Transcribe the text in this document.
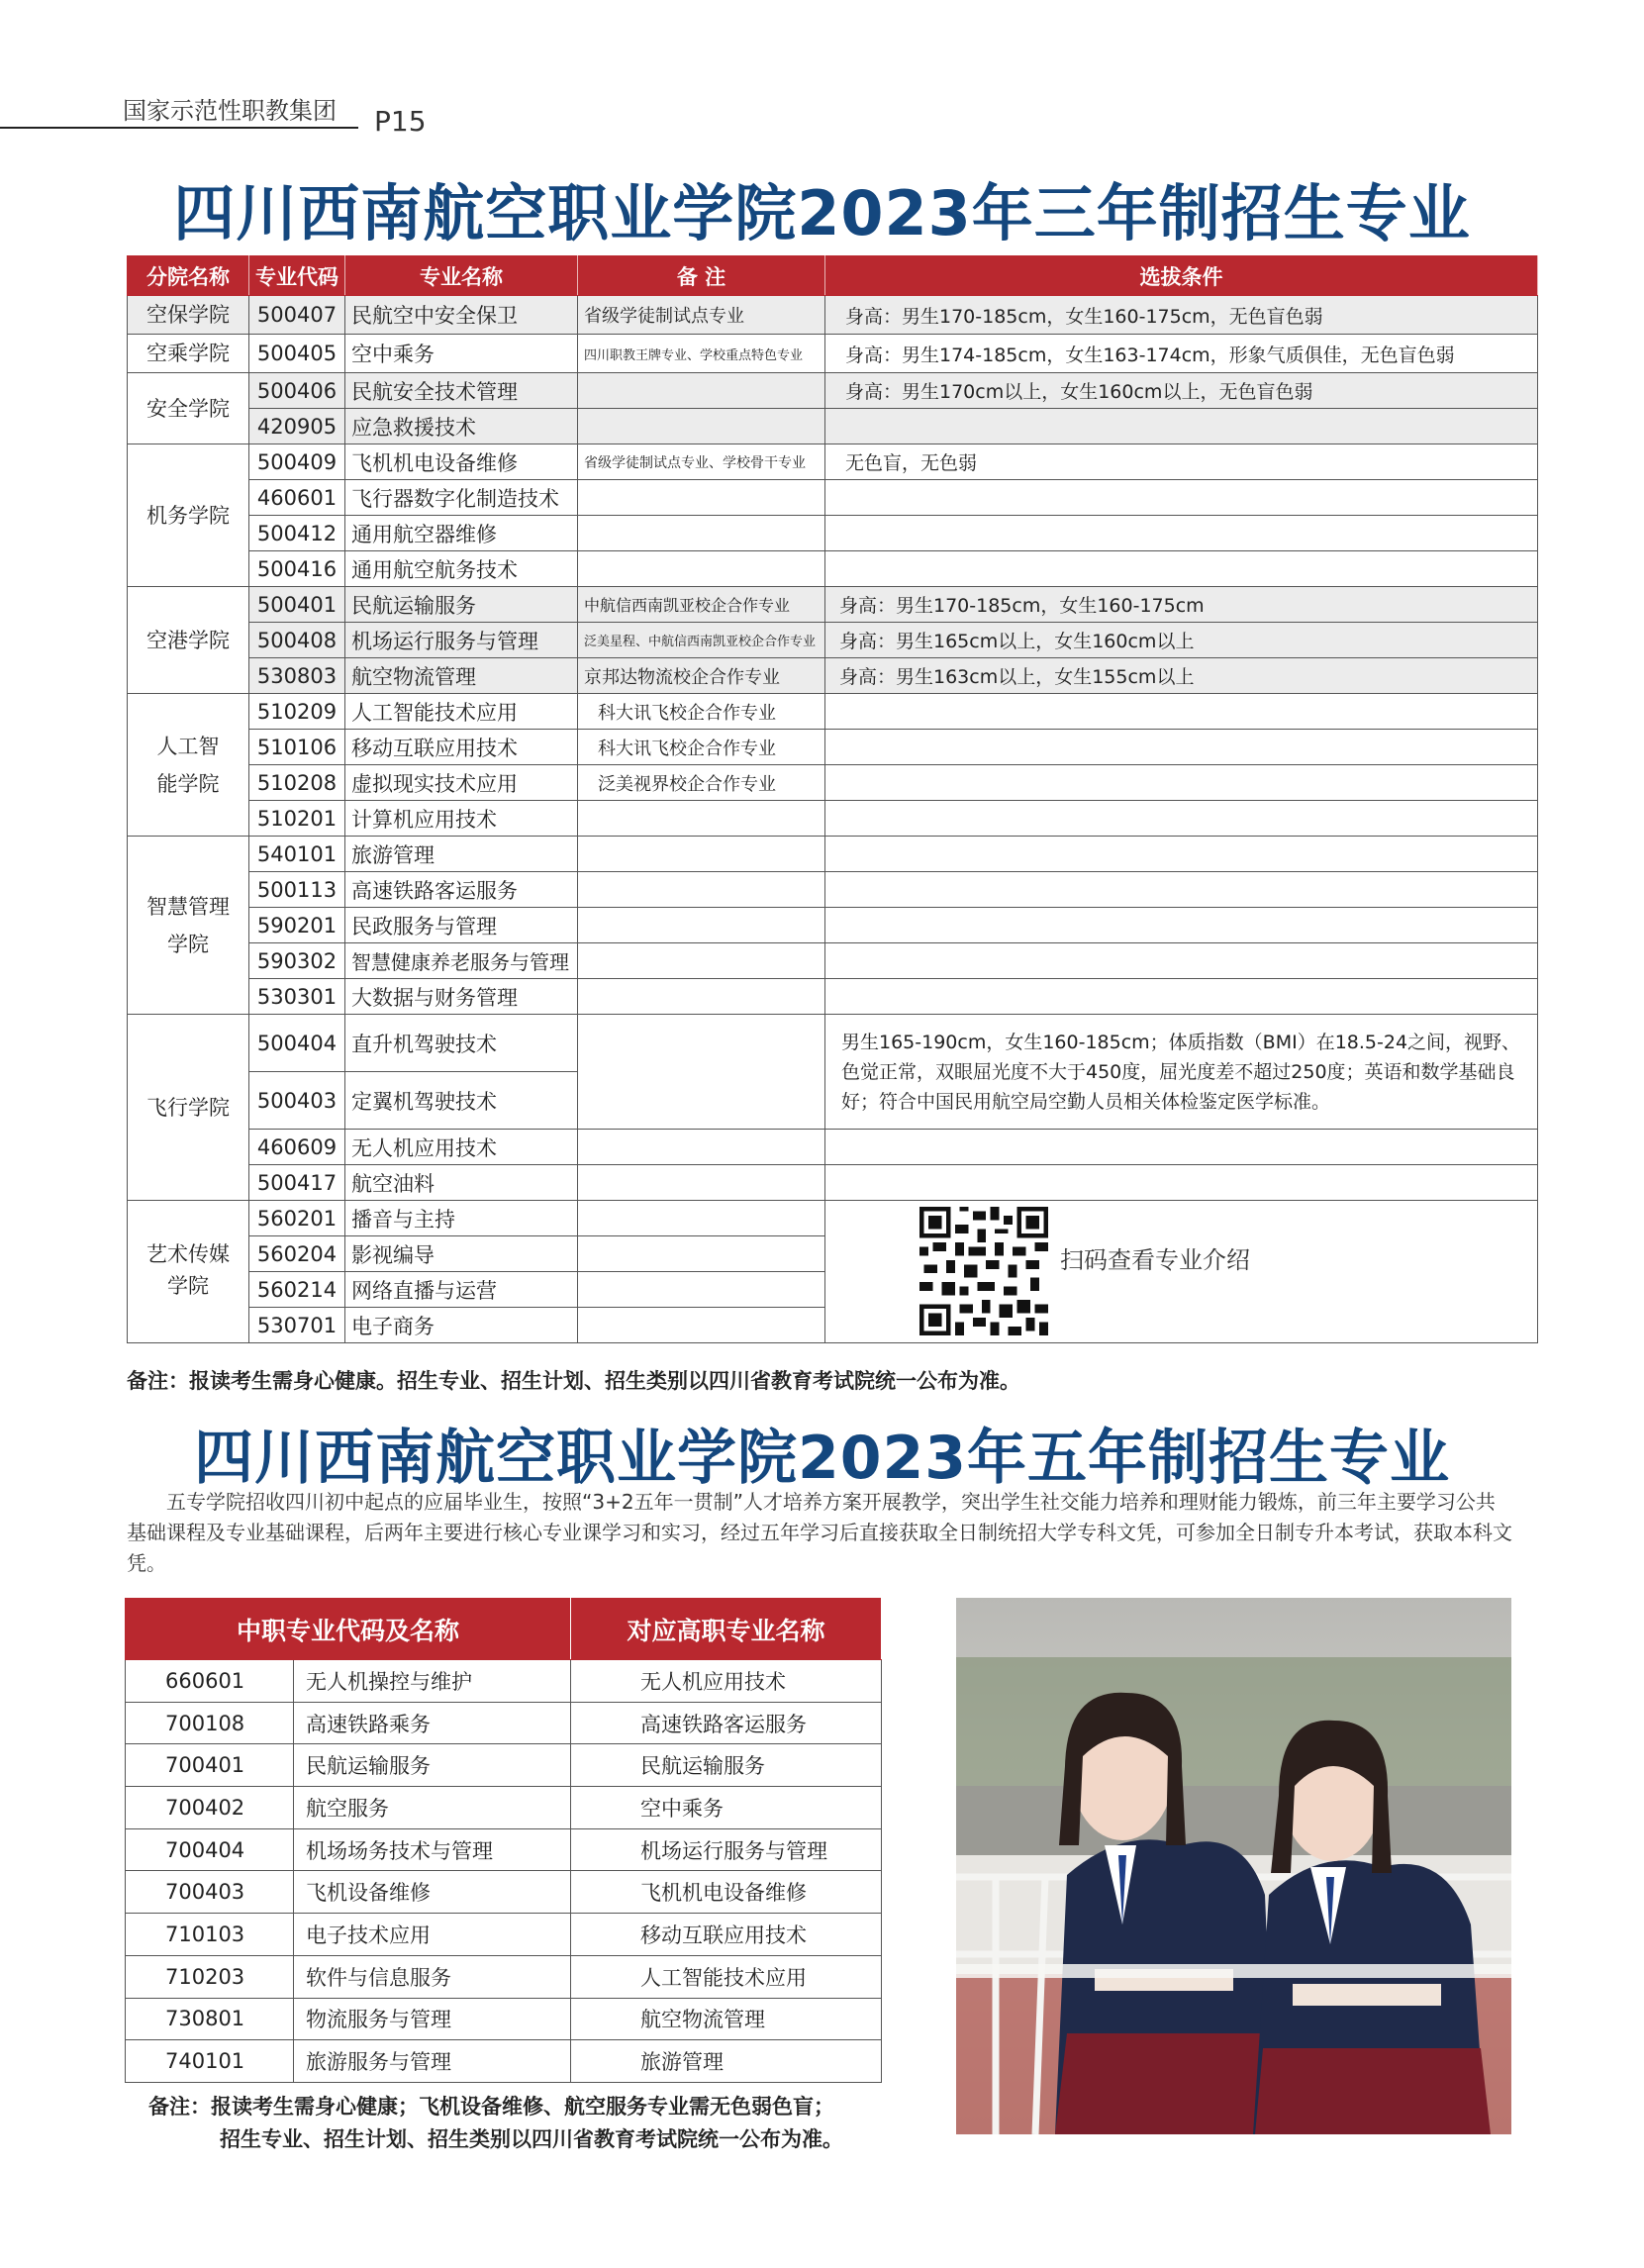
国家示范性职教集团 P15
四川西南航空职业学院2023年三年制招生专业
分院名称	专业代码	专业名称	备 注	选拔条件
空保学院	500407	民航空中安全保卫	省级学徒制试点专业	身高：男生170-185cm，女生160-175cm，无色盲色弱
空乘学院	500405	空中乘务	四川职教王牌专业、学校重点特色专业	身高：男生174-185cm，女生163-174cm，形象气质俱佳，无色盲色弱
安全学院	500406	民航安全技术管理		身高：男生170cm以上，女生160cm以上，无色盲色弱
	420905	应急救援技术		
机务学院	500409	飞机机电设备维修	省级学徒制试点专业、学校骨干专业	无色盲，无色弱
	460601	飞行器数字化制造技术		
	500412	通用航空器维修		
	500416	通用航空航务技术		
空港学院	500401	民航运输服务	中航信西南凯亚校企合作专业	身高：男生170-185cm，女生160-175cm
	500408	机场运行服务与管理	泛美星程、中航信西南凯亚校企合作专业	身高：男生165cm以上，女生160cm以上
	530803	航空物流管理	京邦达物流校企合作专业	身高：男生163cm以上，女生155cm以上
人工智能学院	510209	人工智能技术应用	科大讯飞校企合作专业	
	510106	移动互联应用技术	科大讯飞校企合作专业	
	510208	虚拟现实技术应用	泛美视界校企合作专业	
	510201	计算机应用技术		
智慧管理学院	540101	旅游管理		
	500113	高速铁路客运服务		
	590201	民政服务与管理		
	590302	智慧健康养老服务与管理		
	530301	大数据与财务管理		
飞行学院	500404	直升机驾驶技术		男生165-190cm，女生160-185cm；体质指数（BMI）在18.5-24之间，视野、色觉正常，双眼屈光度不大于450度，屈光度差不超过250度；英语和数学基础良好；符合中国民用航空局空勤人员相关体检鉴定医学标准。
	500403	定翼机驾驶技术		
	460609	无人机应用技术		
	500417	航空油料		
艺术传媒学院	560201	播音与主持		扫码查看专业介绍

	560204	影视编导		
	560214	网络直播与运营		
	530701	电子商务		
备注：报读考生需身心健康。招生专业、招生计划、招生类别以四川省教育考试院统一公布为准。
四川西南航空职业学院2023年五年制招生专业
五专学院招收四川初中起点的应届毕业生，按照“3+2五年一贯制”人才培养方案开展教学，突出学生社交能力培养和理财能力锻炼，前三年主要学习公共基础课程及专业基础课程，后两年主要进行核心专业课学习和实习，经过五年学习后直接获取全日制统招大学专科文凭，可参加全日制专升本考试，获取本科文凭。
中职专业代码及名称		对应高职专业名称
660601	无人机操控与维护	无人机应用技术
700108	高速铁路乘务	高速铁路客运服务
700401	民航运输服务	民航运输服务
700402	航空服务	空中乘务
700404	机场场务技术与管理	机场运行服务与管理
700403	飞机设备维修	飞机机电设备维修
710103	电子技术应用	移动互联应用技术
710203	软件与信息服务	人工智能技术应用
730801	物流服务与管理	航空物流管理
740101	旅游服务与管理	旅游管理
备注：报读考生需身心健康；飞机设备维修、航空服务专业需无色弱色盲；
招生专业、招生计划、招生类别以四川省教育考试院统一公布为准。
